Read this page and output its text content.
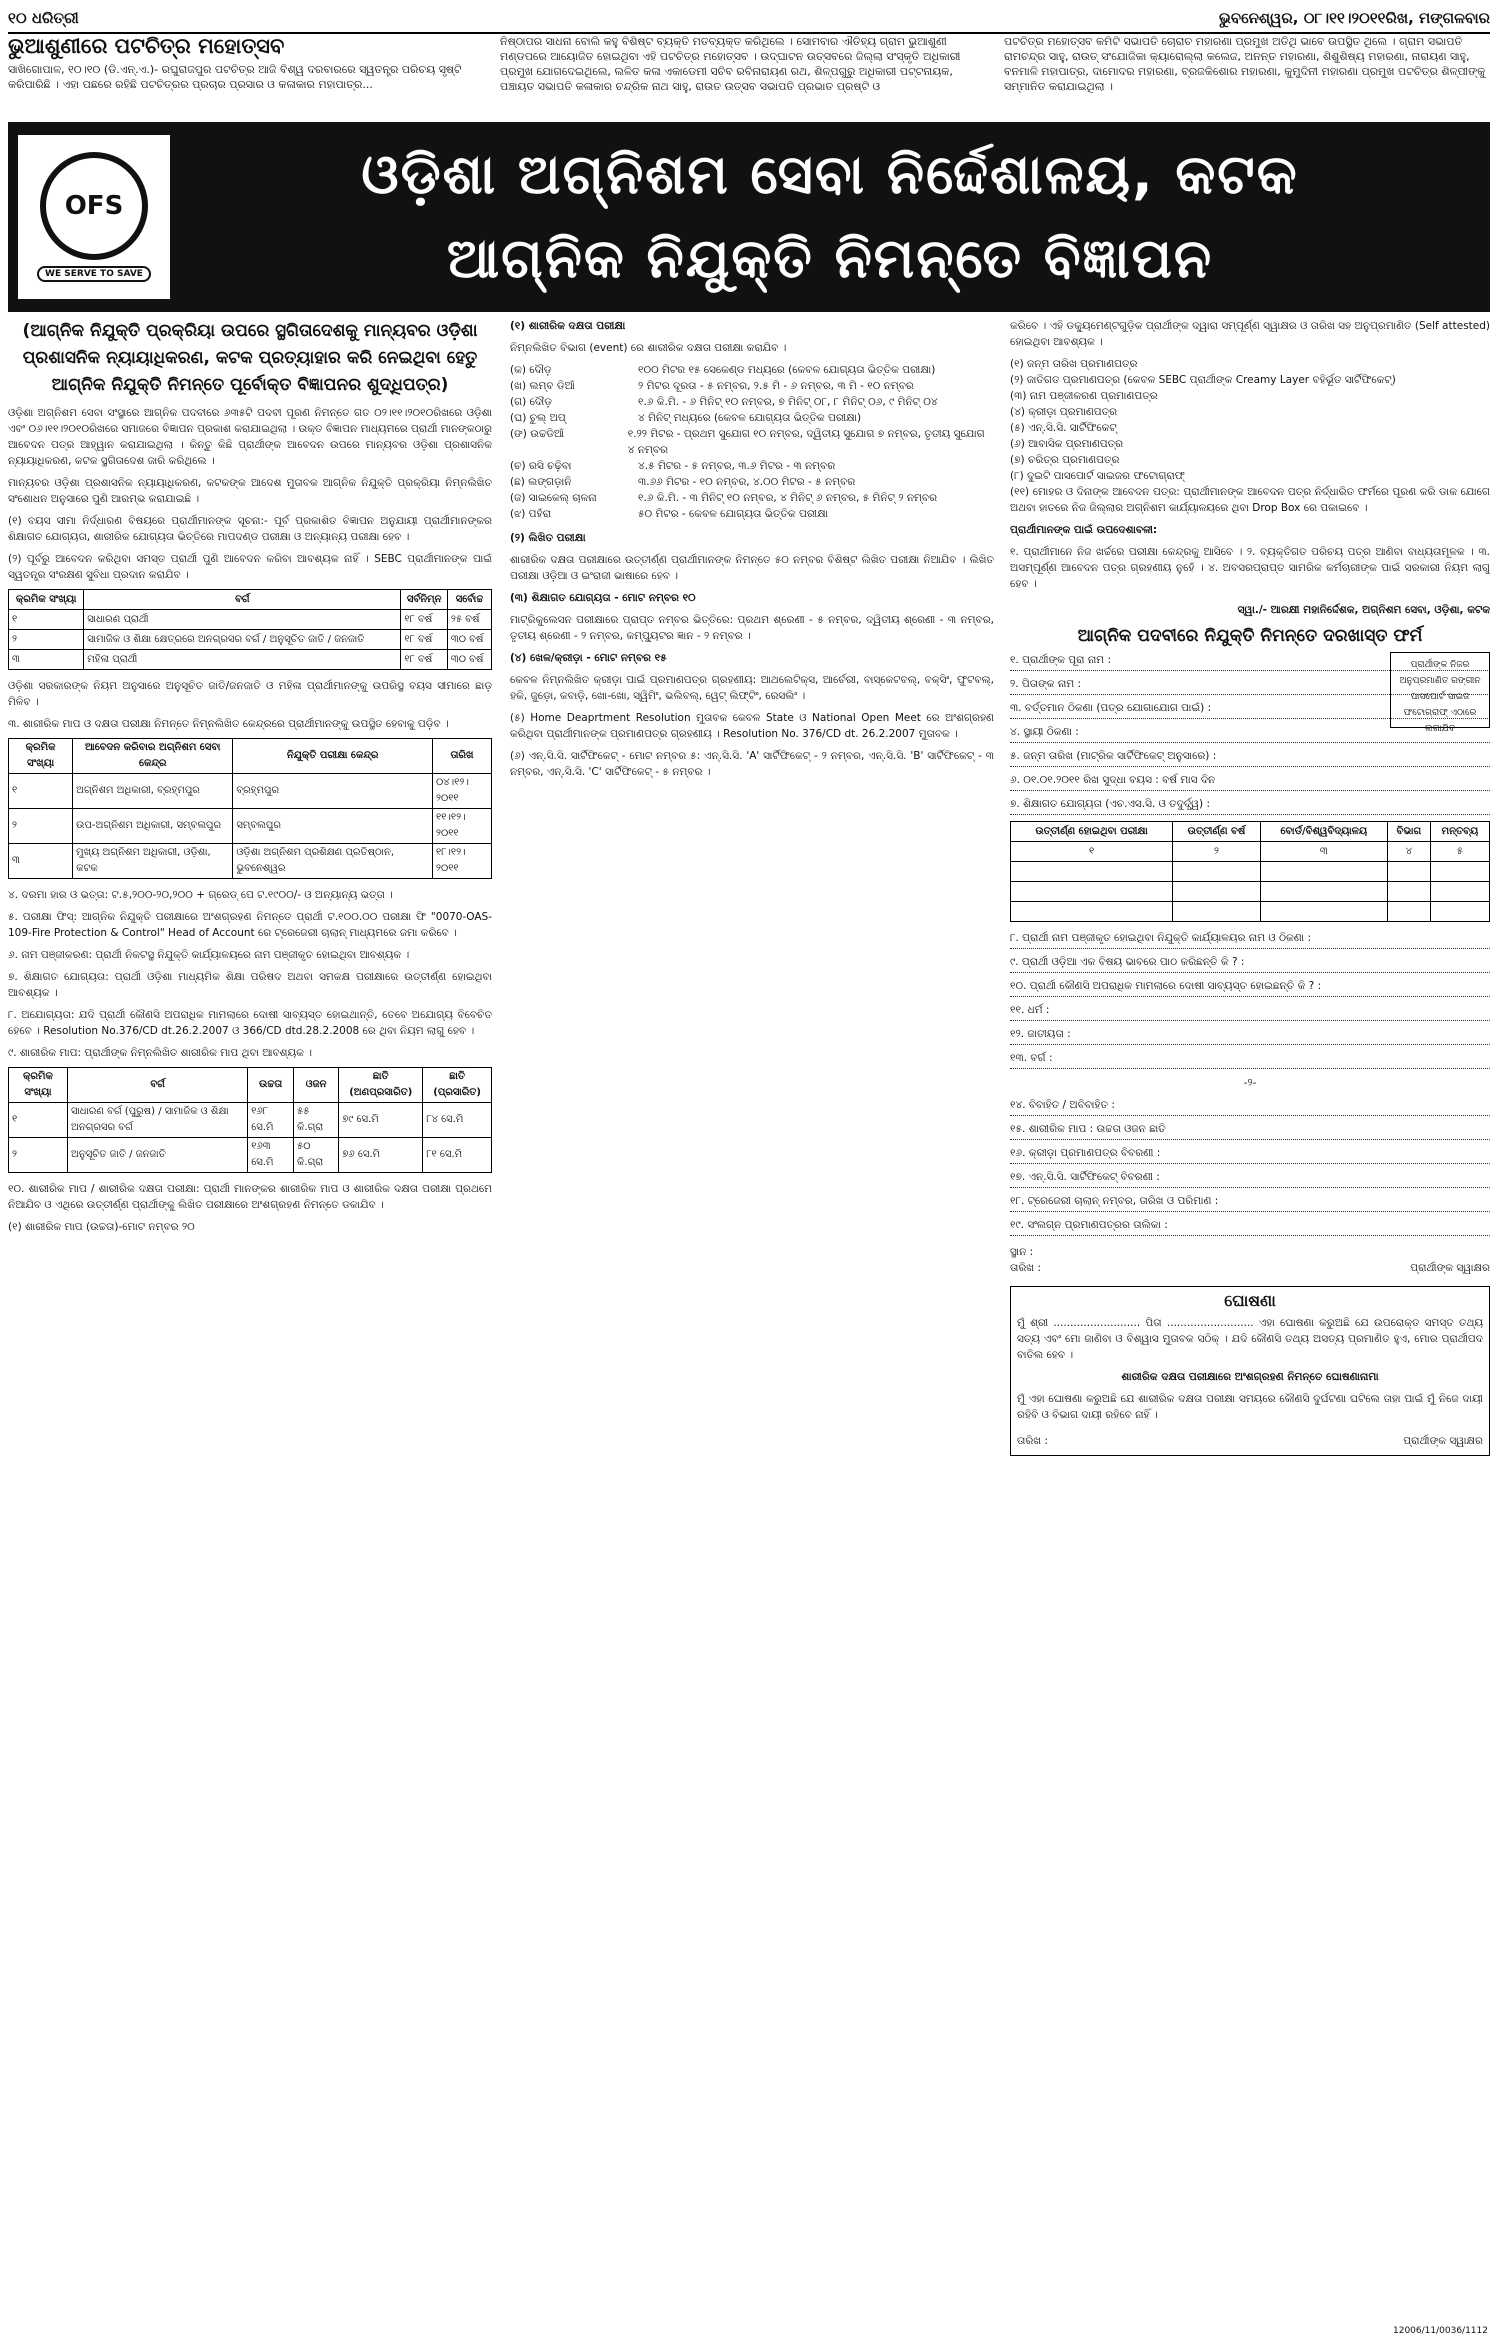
୧୦ ଧରିତ୍ରୀ	ଭୁବନେଶ୍ୱର, ୦୮।୧୧।୨୦୧୧ରିଖ, ମଙ୍ଗଳବାର
ଭୁଆଶୁଣୀରେ ପଟଚିତ୍ର ମହୋତ୍ସବ
ସାଖିଗୋପାଳ, ୧୦।୧୦ (ଡି.ଏନ୍‌.ଏ.)- ରଘୁରାଜପୁର ପଟଚିତ୍ର ଆଜି ବିଶ୍ୱ ଦରବାରରେ ସ୍ୱତନ୍ତ୍ର ପରିଚୟ ସୃଷ୍ଟି କରିପାରିଛି । ଏହା ପଛରେ ରହିଛି ପଟଚିତ୍ରର ପ୍ରଚାର ପ୍ରସାର ଓ କଳାକାର ମହାପାତ୍ର...
ନିଷ୍ଠାପର ସାଧନା ବୋଲି କହୁ ବିଶିଷ୍ଟ ବ୍ୟକ୍ତି ମତବ୍ୟକ୍ତ କରିଥିଲେ । ସୋମବାର ଐତିହ୍ୟ ଗ୍ରାମ ଭୁଆଶୁଣୀ ମଣ୍ଡପରେ ଆୟୋଜିତ ହୋଇଥିବା ଏହି ପଟଚିତ୍ର ମହୋତ୍ସବ । ଉଦ୍‌ଘାଟନ ଉତ୍ସବରେ ଜିଲ୍ଲା ସଂସ୍କୃତି ଅଧିକାରୀ ପ୍ରମୁଖ ଯୋଗଦେଇଥିଲେ, ଲଳିତ କଳା ଏକାଡେମୀ ସଚିବ ରବିନାରାୟଣ ରଥ, ଶିଳ୍ପଗୁରୁ ଅଧିକାରୀ ପଟ୍ଟନାୟକ, ପଞ୍ଚାୟତ ସଭାପତି କଳାକାର ଚନ୍ଦ୍ରିକ ନାଥ ସାହୁ, ରାଉତ ଉତ୍ସବ ସଭାପତି ପ୍ରଭାତ ପ୍ରଷ୍ଟି ଓ
ପଟଚିତ୍ର ମହୋତ୍ସବ କମିଟି ସଭାପତି ଚୋରାଚ ମହାରଣା ପ୍ରମୁଖ ଅତିଥି ଭାବେ ଉପସ୍ଥିତ ଥିଲେ । ଗ୍ରାମ ସଭାପତି ରାମଚନ୍ଦ୍ର ସାହୁ, ରାଉତ୍‌ ସଂଯୋଜିକା କ୍ୟାରୋଲ୍ଲା କଲେଜ, ଅନନ୍ତ ମହାରଣା, ଶିଶୁଶିଷ୍ୟ ମହାରଣା, ନାରାୟଣ ସାହୁ, ବନମାଳି ମହାପାତ୍ର, ଦାମୋଦର ମହାରଣା, ବ୍ରଜକିଶୋର ମହାରଣା, କୁମୁଦିନୀ ମହାରଣା ପ୍ରମୁଖ ପଟଚିତ୍ର ଶିଳ୍ପୀଙ୍କୁ ସମ୍ମାନିତ କରାଯାଇଥିଲା ।
OFS
WE SERVE TO SAVE
ଓଡ଼ିଶା ଅଗ୍ନିଶମ ସେବା ନିର୍ଦ୍ଦେଶାଳୟ, କଟକ
ଆଗ୍ନିକ ନିଯୁକ୍ତି ନିମନ୍ତେ ବିଜ୍ଞାପନ
(ଆଗ୍ନିକ ନିଯୁକ୍ତି ପ୍ରକ୍ରିୟା ଉପରେ ସ୍ଥଗିତାଦେଶକୁ ମାନ୍ୟବର ଓଡ଼ିଶା ପ୍ରଶାସନିକ ନ୍ୟାୟାଧିକରଣ, କଟକ ପ୍ରତ୍ୟାହାର କରି ନେଇଥିବା ହେତୁ ଆଗ୍ନିକ ନିଯୁକ୍ତି ନିମନ୍ତେ ପୂର୍ବୋକ୍ତ ବିଜ୍ଞାପନର ଶୁଦ୍ଧିପତ୍ର)

ଓଡ଼ିଶା ଅଗ୍ନିଶମ ସେବା ସଂସ୍ଥାରେ ଆଗ୍ନିକ ପଦବୀରେ ୬୩୫ଟି ପଦବୀ ପୂରଣ ନିମନ୍ତେ ଗତ ୦୨।୧୧।୨୦୧୦ରିଖରେ ଓଡ଼ିଶା ଏବଂ ୦୬।୧୧।୨୦୧୦ରିଖରେ ସମାଜରେ ବିଜ୍ଞାପନ ପ୍ରକାଶ କରାଯାଇଥିଲା । ଉକ୍ତ ବିଜ୍ଞାପନ ମାଧ୍ୟମରେ ପ୍ରାର୍ଥୀ ମାନଙ୍କଠାରୁ ଆବେଦନ ପତ୍ର ଆହ୍ୱାନ କରାଯାଇଥିଲା । କିନ୍ତୁ କିଛି ପ୍ରାର୍ଥୀଙ୍କ ଆବେଦନ ଉପରେ ମାନ୍ୟବର ଓଡ଼ିଶା ପ୍ରଶାସନିକ ନ୍ୟାୟାଧିକରଣ, କଟକ ସ୍ଥଗିତାଦେଶ ଜାରି କରିଥିଲେ ।

ମାନ୍ୟବର ଓଡ଼ିଶା ପ୍ରଶାସନିକ ନ୍ୟାୟାଧିକରଣ, କଟକଙ୍କ ଆଦେଶ ମୁତାବକ ଆଗ୍ନିକ ନିଯୁକ୍ତି ପ୍ରକ୍ରିୟା ନିମ୍ନଲିଖିତ ସଂଶୋଧନ ଅନୁସାରେ ପୁଣି ଆରମ୍ଭ କରାଯାଇଛି ।

(୧) ବୟସ ସୀମା ନିର୍ଦ୍ଧାରଣ ବିଷୟରେ ପ୍ରାର୍ଥୀମାନଙ୍କ ସୂଚନା:- ପୂର୍ବ ପ୍ରକାଶିତ ବିଜ୍ଞାପନ ଅନୁଯାୟୀ ପ୍ରାର୍ଥୀମାନଙ୍କର ଶିକ୍ଷାଗତ ଯୋଗ୍ୟତା, ଶାରୀରିକ ଯୋଗ୍ୟତା ଭିତ୍ତିରେ ମାପଦଣ୍ଡ ପରୀକ୍ଷା ଓ ଅନ୍ୟାନ୍ୟ ପରୀକ୍ଷା ହେବ ।

(୨) ପୂର୍ବରୁ ଆବେଦନ କରିଥିବା ସମସ୍ତ ପ୍ରାର୍ଥୀ ପୁଣି ଆବେଦନ କରିବା ଆବଶ୍ୟକ ନାହିଁ । SEBC ପ୍ରାର୍ଥୀମାନଙ୍କ ପାଇଁ ସ୍ୱତନ୍ତ୍ର ସଂରକ୍ଷଣ ସୁବିଧା ପ୍ରଦାନ କରାଯିବ ।

କ୍ରମିକ ସଂଖ୍ୟା	ବର୍ଗ	ସର୍ବନିମ୍ନ	ସର୍ବୋଚ୍ଚ
୧	ସାଧାରଣ ପ୍ରାର୍ଥୀ	୧୮ ବର୍ଷ	୨୫ ବର୍ଷ
୨	ସାମାଜିକ ଓ ଶିକ୍ଷା କ୍ଷେତ୍ରରେ ଅନଗ୍ରସର ବର୍ଗ / ଅନୁସୂଚିତ ଜାତି / ଜନଜାତି	୧୮ ବର୍ଷ	୩୦ ବର୍ଷ
୩	ମହିଳା ପ୍ରାର୍ଥୀ	୧୮ ବର୍ଷ	୩୦ ବର୍ଷ

ଓଡ଼ିଶା ସରକାରଙ୍କ ନିୟମ ଅନୁସାରେ ଅନୁସୂଚିତ ଜାତି/ଜନଜାତି ଓ ମହିଳା ପ୍ରାର୍ଥୀମାନଙ୍କୁ ଉପରିସ୍ଥ ବୟସ ସୀମାରେ ଛାଡ଼ ମିଳିବ ।

୩. ଶାରୀରିକ ମାପ ଓ ଦକ୍ଷତା ପରୀକ୍ଷା ନିମନ୍ତେ ନିମ୍ନଲିଖିତ କେନ୍ଦ୍ରରେ ପ୍ରାର୍ଥୀମାନଙ୍କୁ ଉପସ୍ଥିତ ହେବାକୁ ପଡ଼ିବ ।

କ୍ରମିକ ସଂଖ୍ୟା	ଆବେଦନ କରିବାର ଅଗ୍ନିଶମ ସେବା କେନ୍ଦ୍ର	ନିଯୁକ୍ତି ପରୀକ୍ଷା କେନ୍ଦ୍ର	ତାରିଖ
୧	ଅଗ୍ନିଶମ ଅଧିକାରୀ, ବ୍ରହ୍ମପୁର	ବ୍ରହ୍ମପୁର	୦୪।୧୨।୨୦୧୧
୨	ଉପ-ଅଗ୍ନିଶମ ଅଧିକାରୀ, ସମ୍ବଲପୁର	ସମ୍ବଲପୁର	୧୧।୧୨।୨୦୧୧
୩	ମୁଖ୍ୟ ଅଗ୍ନିଶମ ଅଧିକାରୀ, ଓଡ଼ିଶା, କଟକ	ଓଡ଼ିଶା ଅଗ୍ନିଶମ ପ୍ରଶିକ୍ଷଣ ପ୍ରତିଷ୍ଠାନ, ଭୁବନେଶ୍ୱର	୧୮।୧୨।୨୦୧୧

୪. ଦରମା ହାର ଓ ଭତ୍ତା: ଟ.୫,୨୦୦-୨୦,୨୦୦ + ଗ୍ରେଡ୍ ପେ ଟ.୧୯୦୦/- ଓ ଅନ୍ୟାନ୍ୟ ଭତ୍ତା ।

୫. ପରୀକ୍ଷା ଫିସ୍: ଆଗ୍ନିକ ନିଯୁକ୍ତି ପରୀକ୍ଷାରେ ଅଂଶଗ୍ରହଣ ନିମନ୍ତେ ପ୍ରାର୍ଥୀ ଟ.୧୦୦.୦୦ ପରୀକ୍ଷା ଫି "0070-OAS-109-Fire Protection & Control" Head of Account ରେ ଟ୍ରେଜେରୀ ଚାଲାନ୍ ମାଧ୍ୟମରେ ଜମା କରିବେ ।

୬. ନାମ ପଞ୍ଜୀକରଣ: ପ୍ରାର୍ଥୀ ନିକଟସ୍ଥ ନିଯୁକ୍ତି କାର୍ଯ୍ୟାଳୟରେ ନାମ ପଞ୍ଜୀକୃତ ହୋଇଥିବା ଆବଶ୍ୟକ ।

୭. ଶିକ୍ଷାଗତ ଯୋଗ୍ୟତା: ପ୍ରାର୍ଥୀ ଓଡ଼ିଶା ମାଧ୍ୟମିକ ଶିକ୍ଷା ପରିଷଦ ଅଥବା ସମକକ୍ଷ ପରୀକ୍ଷାରେ ଉତ୍ତୀର୍ଣ୍ଣ ହୋଇଥିବା ଆବଶ୍ୟକ ।

୮. ଅଯୋଗ୍ୟତା: ଯଦି ପ୍ରାର୍ଥୀ କୌଣସି ଅପରାଧିକ ମାମଲାରେ ଦୋଷୀ ସାବ୍ୟସ୍ତ ହୋଇଥାନ୍ତି, ତେବେ ଅଯୋଗ୍ୟ ବିବେଚିତ ହେବେ । Resolution No.376/CD dt.26.2.2007 ଓ 366/CD dtd.28.2.2008 ରେ ଥିବା ନିୟମ ଲାଗୁ ହେବ ।

୯. ଶାରୀରିକ ମାପ: ପ୍ରାର୍ଥୀଙ୍କ ନିମ୍ନଲିଖିତ ଶାରୀରିକ ମାପ ଥିବା ଆବଶ୍ୟକ ।

କ୍ରମିକ ସଂଖ୍ୟା	ବର୍ଗ	ଉଚ୍ଚତା	ଓଜନ	ଛାତି (ଅଣପ୍ରସାରିତ)	ଛାତି (ପ୍ରସାରିତ)
୧	ସାଧାରଣ ବର୍ଗ (ପୁରୁଷ) / ସାମାଜିକ ଓ ଶିକ୍ଷା ଅନଗ୍ରସର ବର୍ଗ	୧୬୮ ସେ.ମି	୫୫ କି.ଗ୍ରା	୭୯ ସେ.ମି	୮୪ ସେ.ମି
୨	ଅନୁସୂଚିତ ଜାତି / ଜନଜାତି	୧୬୩ ସେ.ମି	୫୦ କି.ଗ୍ରା	୭୬ ସେ.ମି	୮୧ ସେ.ମି

୧୦. ଶାରୀରିକ ମାପ / ଶାରୀରିକ ଦକ୍ଷତା ପରୀକ୍ଷା: ପ୍ରାର୍ଥୀ ମାନଙ୍କର ଶାରୀରିକ ମାପ ଓ ଶାରୀରିକ ଦକ୍ଷତା ପରୀକ୍ଷା ପ୍ରଥମେ ନିଆଯିବ ଓ ଏଥିରେ ଉତ୍ତୀର୍ଣ୍ଣ ପ୍ରାର୍ଥୀଙ୍କୁ ଲିଖିତ ପରୀକ୍ଷାରେ ଅଂଶଗ୍ରହଣ ନିମନ୍ତେ ଡକାଯିବ ।

(୧) ଶାରୀରିକ ମାପ (ଉଚ୍ଚତା)-ମୋଟ ନମ୍ବର ୨୦

(୧) ଶାରୀରିକ ଦକ୍ଷତା ପରୀକ୍ଷା

ନିମ୍ନଲିଖିତ ବିଭାଗ (event) ରେ ଶାରୀରିକ ଦକ୍ଷତା ପରୀକ୍ଷା କରାଯିବ ।

(କ) ଦୌଡ଼	୧୦୦ ମିଟର ୧୫ ସେକେଣ୍ଡ ମଧ୍ୟରେ (କେବଳ ଯୋଗ୍ୟତା ଭିତ୍ତିକ ପରୀକ୍ଷା)
(ଖ) ଲମ୍ବ ଡିଆଁ	୨ ମିଟର ଦୂରତା - ୫ ନମ୍ବର, ୨.୫ ମି - ୬ ନମ୍ବର, ୩ ମି - ୧୦ ନମ୍ବର
(ଗ) ଦୌଡ଼	୧.୬ କି.ମି. - ୬ ମିନିଟ୍ ୧୦ ନମ୍ବର, ୭ ମିନିଟ୍ ୦୮, ୮ ମିନିଟ୍ ୦୬, ୯ ମିନିଟ୍ ୦୪
(ଘ) ଚୁଲ୍ ଅପ୍	୪ ମିନିଟ୍ ମଧ୍ୟରେ (କେବଳ ଯୋଗ୍ୟତା ଭିତ୍ତିକ ପରୀକ୍ଷା)
(ଙ) ଉଚ୍ଚଡିଆଁ	୧.୨୨ ମିଟର - ପ୍ରଥମ ସୁଯୋଗ ୧୦ ନମ୍ବର, ଦ୍ୱିତୀୟ ସୁଯୋଗ ୭ ନମ୍ବର, ତୃତୀୟ ସୁଯୋଗ ୪ ନମ୍ବର
(ଚ) ରସି ଚଢ଼ିବା	୪.୫ ମିଟର - ୫ ନମ୍ବର, ୩.୬ ମିଟର - ୩ ନମ୍ବର
(ଛ) ଲଙ୍ଗଡ଼ାନି	୩.୬୬ ମିଟର - ୧୦ ନମ୍ବର, ୪.୦୦ ମିଟର - ୫ ନମ୍ବର
(ଜ) ସାଇକେଲ୍ ଚାଳନା	୧.୬ କି.ମି. - ୩ ମିନିଟ୍ ୧୦ ନମ୍ବର, ୪ ମିନିଟ୍ ୬ ନମ୍ବର, ୫ ମିନିଟ୍ ୨ ନମ୍ବର
(ଝ) ପହଁରା	୫୦ ମିଟର - କେବଳ ଯୋଗ୍ୟତା ଭିତ୍ତିକ ପରୀକ୍ଷା

(୨) ଲିଖିତ ପରୀକ୍ଷା

ଶାରୀରିକ ଦକ୍ଷତା ପରୀକ୍ଷାରେ ଉତ୍ତୀର୍ଣ୍ଣ ପ୍ରାର୍ଥୀମାନଙ୍କ ନିମନ୍ତେ ୫୦ ନମ୍ବର ବିଶିଷ୍ଟ ଲିଖିତ ପରୀକ୍ଷା ନିଆଯିବ । ଲିଖିତ ପରୀକ୍ଷା ଓଡ଼ିଆ ଓ ଇଂରାଜୀ ଭାଷାରେ ହେବ ।

(୩) ଶିକ୍ଷାଗତ ଯୋଗ୍ୟତା - ମୋଟ ନମ୍ବର ୧୦

ମାଟ୍ରିକୁଲେସନ ପରୀକ୍ଷାରେ ପ୍ରାପ୍ତ ନମ୍ବର ଭିତ୍ତିରେ: ପ୍ରଥମ ଶ୍ରେଣୀ - ୫ ନମ୍ବର, ଦ୍ୱିତୀୟ ଶ୍ରେଣୀ - ୩ ନମ୍ବର, ତୃତୀୟ ଶ୍ରେଣୀ - ୨ ନମ୍ବର, କମ୍ପ୍ୟୁଟର ଜ୍ଞାନ - ୨ ନମ୍ବର ।

(୪) ଖେଳ/କ୍ରୀଡ଼ା - ମୋଟ ନମ୍ବର ୧୫

କେବଳ ନିମ୍ନଲିଖିତ କ୍ରୀଡ଼ା ପାଇଁ ପ୍ରମାଣପତ୍ର ଗ୍ରହଣୀୟ: ଆଥଲେଟିକ୍ସ, ଆର୍ଚେରୀ, ବାସ୍କେଟବଲ୍‌, ବକ୍ସିଂ, ଫୁଟବଲ୍‌, ହକି, ଜୁଡ଼ୋ, କବାଡ଼ି, ଖୋ-ଖୋ, ସ୍ୱିମିଂ, ଭଲିବଲ୍‌, ୱେଟ୍ ଲିଫ୍ଟିଂ, ରେସଲିଂ ।

(୫) Home Deaprtment Resolution ମୁତାବକ କେବଳ State ଓ National Open Meet ରେ ଅଂଶଗ୍ରହଣ କରିଥିବା ପ୍ରାର୍ଥୀମାନଙ୍କ ପ୍ରମାଣପତ୍ର ଗ୍ରହଣୀୟ । Resolution No. 376/CD dt. 26.2.2007 ମୁତାବକ ।

(୬) ଏନ୍‌.ସି.ସି. ସାର୍ଟିଫିକେଟ୍ - ମୋଟ ନମ୍ବର ୫: ଏନ୍‌.ସି.ସି. 'A' ସାର୍ଟିଫିକେଟ୍ - ୨ ନମ୍ବର, ଏନ୍‌.ସି.ସି. 'B' ସାର୍ଟିଫିକେଟ୍ - ୩ ନମ୍ବର, ଏନ୍‌.ସି.ସି. 'C' ସାର୍ଟିଫିକେଟ୍ - ୫ ନମ୍ବର ।

କରିବେ । ଏହି ଡକ୍ୟୁମେଣ୍ଟଗୁଡ଼ିକ ପ୍ରାର୍ଥୀଙ୍କ ଦ୍ୱାରା ସମ୍ପୂର୍ଣ୍ଣ ସ୍ୱାକ୍ଷର ଓ ତାରିଖ ସହ ଅନୁପ୍ରମାଣିତ (Self attested) ହୋଇଥିବା ଆବଶ୍ୟକ ।

(୧) ଜନ୍ମ ତାରିଖ ପ୍ରମାଣପତ୍ର
(୨) ଜାତିଗତ ପ୍ରମାଣପତ୍ର (କେବଳ SEBC ପ୍ରାର୍ଥୀଙ୍କ Creamy Layer ବହିର୍ଭୂତ ସାର୍ଟିଫିକେଟ୍)
(୩) ନାମ ପଞ୍ଜୀକରଣ ପ୍ରମାଣପତ୍ର
(୪) କ୍ରୀଡ଼ା ପ୍ରମାଣପତ୍ର
(୫) ଏନ୍‌.ସି.ସି. ସାର୍ଟିଫିକେଟ୍
(୬) ଆବାସିକ ପ୍ରମାଣପତ୍ର
(୭) ଚରିତ୍ର ପ୍ରମାଣପତ୍ର
(୮) ଦୁଇଟି ପାସପୋର୍ଟ ସାଇଜର ଫଟୋଗ୍ରାଫ୍

(୧୧) ମୋହର ଓ ଦିନାଙ୍କ ଆବେଦନ ପତ୍ର: ପ୍ରାର୍ଥୀମାନଙ୍କ ଆବେଦନ ପତ୍ର ନିର୍ଦ୍ଧାରିତ ଫର୍ମରେ ପୂରଣ କରି ଡାକ ଯୋଗେ ଅଥବା ହାତରେ ନିଜ ଜିଲ୍ଲାର ଅଗ୍ନିଶମ କାର୍ଯ୍ୟାଳୟରେ ଥିବା Drop Box ରେ ପକାଇବେ ।

ପ୍ରାର୍ଥୀମାନଙ୍କ ପାଇଁ ଉପଦେଶାବଳୀ:

୧. ପ୍ରାର୍ଥୀମାନେ ନିଜ ଖର୍ଚ୍ଚରେ ପରୀକ୍ଷା କେନ୍ଦ୍ରକୁ ଆସିବେ । ୨. ବ୍ୟକ୍ତିଗତ ପରିଚୟ ପତ୍ର ଆଣିବା ବାଧ୍ୟତାମୂଳକ । ୩. ଅସମ୍ପୂର୍ଣ୍ଣ ଆବେଦନ ପତ୍ର ଗ୍ରହଣୀୟ ନୁହେଁ । ୪. ଅବସରପ୍ରାପ୍ତ ସାମରିକ କର୍ମଚାରୀଙ୍କ ପାଇଁ ସରକାରୀ ନିୟମ ଲାଗୁ ହେବ ।

ସ୍ୱା./- ଆରକ୍ଷୀ ମହାନିର୍ଦ୍ଦେଶକ, ଅଗ୍ନିଶମ ସେବା, ଓଡ଼ିଶା, କଟକ
ଆଗ୍ନିକ ପଦବୀରେ ନିଯୁକ୍ତି ନିମନ୍ତେ ଦରଖାସ୍ତ ଫର୍ମ
ପ୍ରାର୍ଥୀଙ୍କ ନିଜର ଅନୁପ୍ରମାଣିତ ରଙ୍ଗୀନ ପାସପୋର୍ଟ ସାଇଜ ଫଟୋଗ୍ରାଫ୍ ଏଠାରେ ଲଗାଯିବ
୧. ପ୍ରାର୍ଥୀଙ୍କ ପୂରା ନାମ :
୨. ପିତାଙ୍କ ନାମ :
୩. ବର୍ତ୍ତମାନ ଠିକଣା (ପତ୍ର ଯୋଗାଯୋଗ ପାଇଁ) :
୪. ସ୍ଥାୟୀ ଠିକଣା :
୫. ଜନ୍ମ ତାରିଖ (ମାଟ୍ରିକ ସାର୍ଟିଫିକେଟ୍ ଅନୁସାରେ) :
୬. ୦୧.୦୧.୨୦୧୧ ରିଖ ସୁଦ୍ଧା ବୟସ : ବର୍ଷ ମାସ ଦିନ
୭. ଶିକ୍ଷାଗତ ଯୋଗ୍ୟତା (ଏଚ.ଏସ.ସି. ଓ ତଦୁର୍ଦ୍ଧ୍ୱ) :
ଉତ୍ତୀର୍ଣ୍ଣ ହୋଇଥିବା ପରୀକ୍ଷା	ଉତ୍ତୀର୍ଣ୍ଣ ବର୍ଷ	ବୋର୍ଡ/ବିଶ୍ୱବିଦ୍ୟାଳୟ	ବିଭାଗ	ମନ୍ତବ୍ୟ
୧	୨	୩	୪	୫

୮. ପ୍ରାର୍ଥୀ ନାମ ପଞ୍ଜୀକୃତ ହୋଇଥିବା ନିଯୁକ୍ତି କାର୍ଯ୍ୟାଳୟର ନାମ ଓ ଠିକଣା :
୯. ପ୍ରାର୍ଥୀ ଓଡ଼ିଆ ଏକ ବିଷୟ ଭାବରେ ପାଠ କରିଛନ୍ତି କି ? :
୧୦. ପ୍ରାର୍ଥୀ କୌଣସି ଅପରାଧିକ ମାମଲାରେ ଦୋଷୀ ସାବ୍ୟସ୍ତ ହୋଇଛନ୍ତି କି ? :
୧୧. ଧର୍ମ :
୧୨. ଜାତୀୟତା :
୧୩. ବର୍ଗ :
-୨-
୧୪. ବିବାହିତ / ଅବିବାହିତ :
୧୫. ଶାରୀରିକ ମାପ : ଉଚ୍ଚତା ଓଜନ ଛାତି
୧୬. କ୍ରୀଡ଼ା ପ୍ରମାଣପତ୍ର ବିବରଣୀ :
୧୭. ଏନ୍‌.ସି.ସି. ସାର୍ଟିଫିକେଟ୍ ବିବରଣୀ :
୧୮. ଟ୍ରେଜେରୀ ଚାଲାନ୍ ନମ୍ବର, ତାରିଖ ଓ ପରିମାଣ :
୧୯. ସଂଲଗ୍ନ ପ୍ରମାଣପତ୍ରର ତାଲିକା :
ସ୍ଥାନ :
ତାରିଖ :	ପ୍ରାର୍ଥୀଙ୍କ ସ୍ୱାକ୍ଷର
ଘୋଷଣା

ମୁଁ ଶ୍ରୀ .......................... ପିତା .......................... ଏହା ଘୋଷଣା କରୁଅଛି ଯେ ଉପରୋକ୍ତ ସମସ୍ତ ତଥ୍ୟ ସତ୍ୟ ଏବଂ ମୋ ଜାଣିବା ଓ ବିଶ୍ୱାସ ମୁତାବକ ସଠିକ୍ । ଯଦି କୌଣସି ତଥ୍ୟ ଅସତ୍ୟ ପ୍ରମାଣିତ ହୁଏ, ମୋର ପ୍ରାର୍ଥୀପଦ ବାତିଲ ହେବ ।

ଶାରୀରିକ ଦକ୍ଷତା ପରୀକ୍ଷାରେ ଅଂଶଗ୍ରହଣ ନିମନ୍ତେ ଘୋଷଣାନାମା

ମୁଁ ଏହା ଘୋଷଣା କରୁଅଛି ଯେ ଶାରୀରିକ ଦକ୍ଷତା ପରୀକ୍ଷା ସମୟରେ କୌଣସି ଦୁର୍ଘଟଣା ଘଟିଲେ ତାହା ପାଇଁ ମୁଁ ନିଜେ ଦାୟୀ ରହିବି ଓ ବିଭାଗ ଦାୟୀ ରହିବେ ନାହିଁ ।

ତାରିଖ :	ପ୍ରାର୍ଥୀଙ୍କ ସ୍ୱାକ୍ଷର
12006/11/0036/1112
